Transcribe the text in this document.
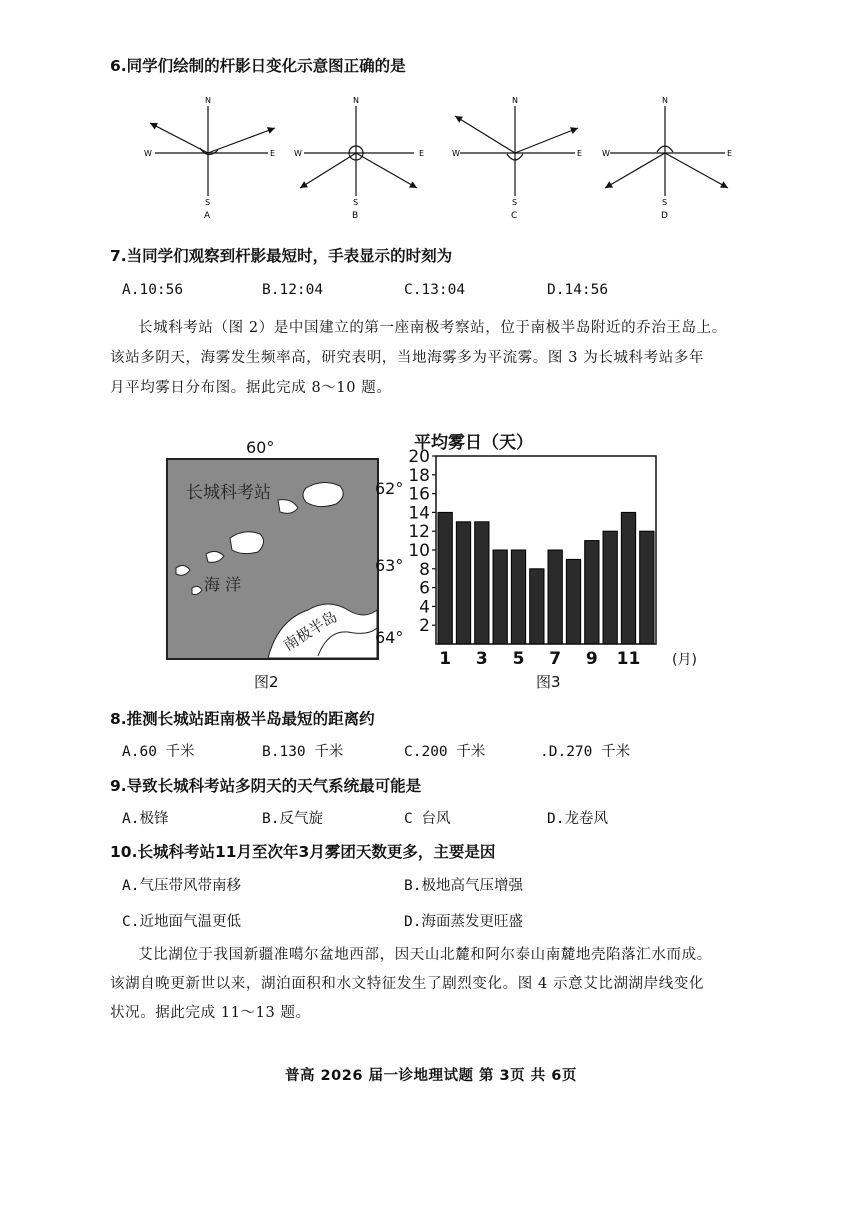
6.同学们绘制的杆影日变化示意图正确的是
N
S
W	E
A
N
S
W	E
B
N
S
W	E
C
N
S
W	E
D
7.当同学们观察到杆影最短时，手表显示的时刻为
A.10:56	B.12:04	C.13:04	D.14:56
长城科考站（图 2）是中国建立的第一座南极考察站，位于南极半岛附近的乔治王岛上。
该站多阴天，海雾发生频率高，研究表明，当地海雾多为平流雾。图 3 为长城科考站多年
月平均雾日分布图。据此完成 8～10 题。
60°
长城科考站
海 洋
南极半岛
62°
63°
64°
图2
平均雾日（天）
2
4
6
8
10
12
14
16
18
20
1 3 5 7 9 11 (月)
图3
8.推测长城站距南极半岛最短的距离约
A.60 千米	B.130 千米	C.200 千米	.D.270 千米
9.导致长城科考站多阴天的天气系统最可能是
A.极锋	B.反气旋	C 台风	D.龙卷风
10.长城科考站11月至次年3月雾团天数更多，主要是因
A.气压带风带南移	B.极地高气压增强
C.近地面气温更低	D.海面蒸发更旺盛
艾比湖位于我国新疆准噶尔盆地西部，因天山北麓和阿尔泰山南麓地壳陷落汇水而成。
该湖自晚更新世以来，湖泊面积和水文特征发生了剧烈变化。图 4 示意艾比湖湖岸线变化
状况。据此完成 11～13 题。
普高 2026 届一诊地理试题 第 3页 共 6页
